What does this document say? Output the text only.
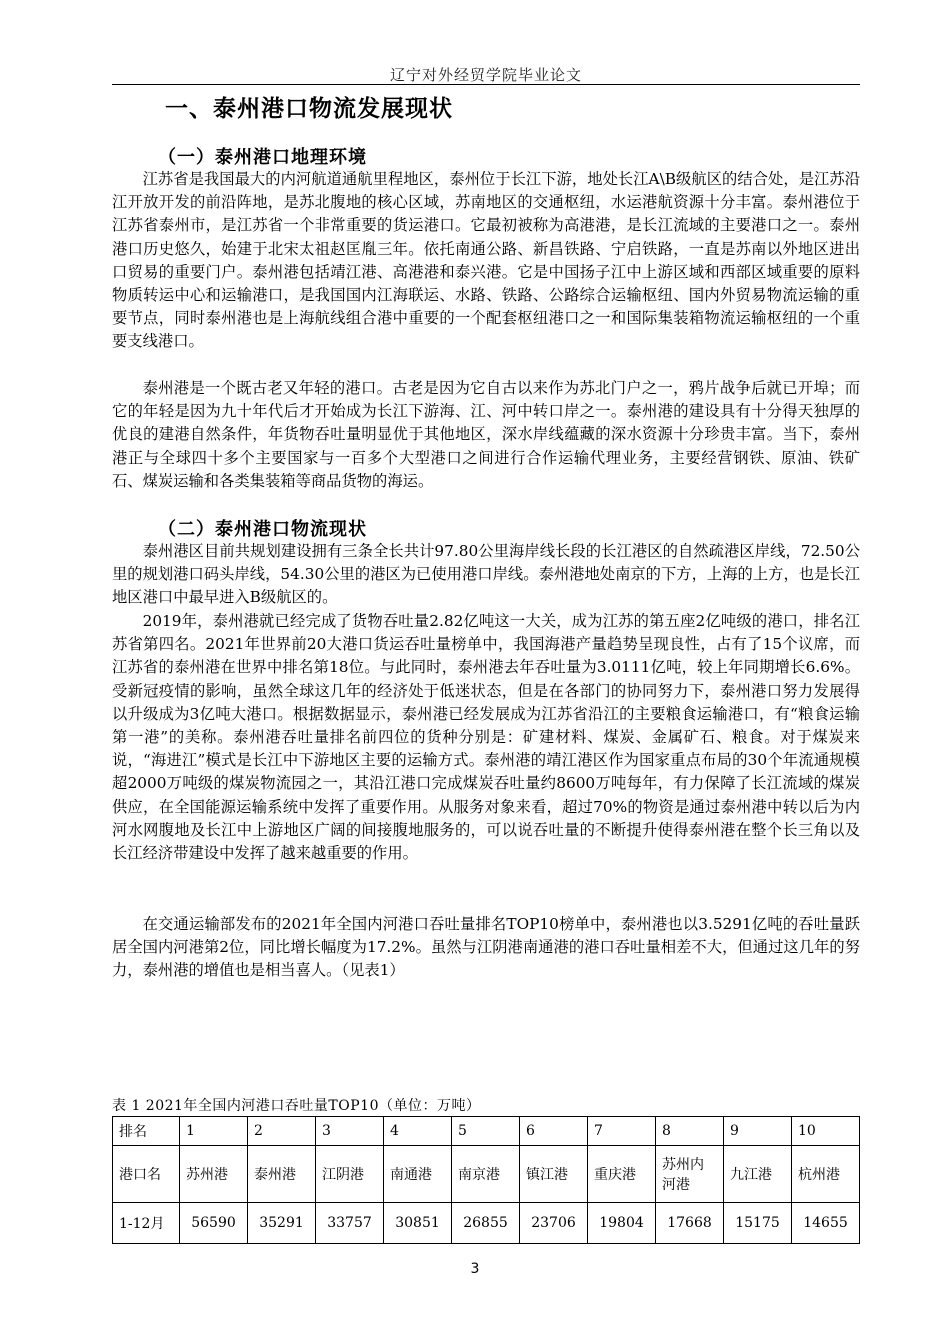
辽宁对外经贸学院毕业论文
一、泰州港口物流发展现状
（一）泰州港口地理环境

江苏省是我国最大的内河航道通航里程地区，泰州位于长江下游，地处长江A\B级航区的结合处，是江苏沿江开放开发的前沿阵地，是苏北腹地的核心区域，苏南地区的交通枢纽，水运港航资源十分丰富。泰州港位于江苏省泰州市，是江苏省一个非常重要的货运港口。它最初被称为高港港，是长江流域的主要港口之一。泰州港口历史悠久，始建于北宋太祖赵匡胤三年。依托南通公路、新昌铁路、宁启铁路，一直是苏南以外地区进出口贸易的重要门户。泰州港包括靖江港、高港港和泰兴港。它是中国扬子江中上游区域和西部区域重要的原料物质转运中心和运输港口，是我国国内江海联运、水路、铁路、公路综合运输枢纽、国内外贸易物流运输的重要节点，同时泰州港也是上海航线组合港中重要的一个配套枢纽港口之一和国际集装箱物流运输枢纽的一个重要支线港口。

泰州港是一个既古老又年轻的港口。古老是因为它自古以来作为苏北门户之一，鸦片战争后就已开埠；而它的年轻是因为九十年代后才开始成为长江下游海、江、河中转口岸之一。泰州港的建设具有十分得天独厚的优良的建港自然条件，年货物吞吐量明显优于其他地区，深水岸线蕴藏的深水资源十分珍贵丰富。当下，泰州港正与全球四十多个主要国家与一百多个大型港口之间进行合作运输代理业务，主要经营钢铁、原油、铁矿石、煤炭运输和各类集装箱等商品货物的海运。

（二）泰州港口物流现状

泰州港区目前共规划建设拥有三条全长共计97.80公里海岸线长段的长江港区的自然疏港区岸线，72.50公里的规划港口码头岸线，54.30公里的港区为已使用港口岸线。泰州港地处南京的下方，上海的上方，也是长江地区港口中最早进入B级航区的。

2019年，泰州港就已经完成了货物吞吐量2.82亿吨这一大关，成为江苏的第五座2亿吨级的港口，排名江苏省第四名。2021年世界前20大港口货运吞吐量榜单中，我国海港产量趋势呈现良性，占有了15个议席，而江苏省的泰州港在世界中排名第18位。与此同时，泰州港去年吞吐量为3.0111亿吨，较上年同期增长6.6%。受新冠疫情的影响，虽然全球这几年的经济处于低迷状态，但是在各部门的协同努力下，泰州港口努力发展得以升级成为3亿吨大港口。根据数据显示，泰州港已经发展成为江苏省沿江的主要粮食运输港口，有“粮食运输第一港”的美称。泰州港吞吐量排名前四位的货种分别是：矿建材料、煤炭、金属矿石、粮食。对于煤炭来说，“海进江”模式是长江中下游地区主要的运输方式。泰州港的靖江港区作为国家重点布局的30个年流通规模超2000万吨级的煤炭物流园之一，其沿江港口完成煤炭吞吐量约8600万吨每年，有力保障了长江流域的煤炭供应，在全国能源运输系统中发挥了重要作用。从服务对象来看，超过70%的物资是通过泰州港中转以后为内河水网腹地及长江中上游地区广阔的间接腹地服务的，可以说吞吐量的不断提升使得泰州港在整个长三角以及长江经济带建设中发挥了越来越重要的作用。

在交通运输部发布的2021年全国内河港口吞吐量排名TOP10榜单中，泰州港也以3.5291亿吨的吞吐量跃居全国内河港第2位，同比增长幅度为17.2%。虽然与江阴港南通港的港口吞吐量相差不大，但通过这几年的努力，泰州港的增值也是相当喜人。（见表1）

表 1 2021年全国内河港口吞吐量TOP10（单位：万吨）
排名	1	2	3	4	5	6	7	8	9	10
港口名	苏州港	泰州港	江阴港	南通港	南京港	镇江港	重庆港	苏州内河港	九江港	杭州港
1-12月	56590	35291	33757	30851	26855	23706	19804	17668	15175	14655
3
